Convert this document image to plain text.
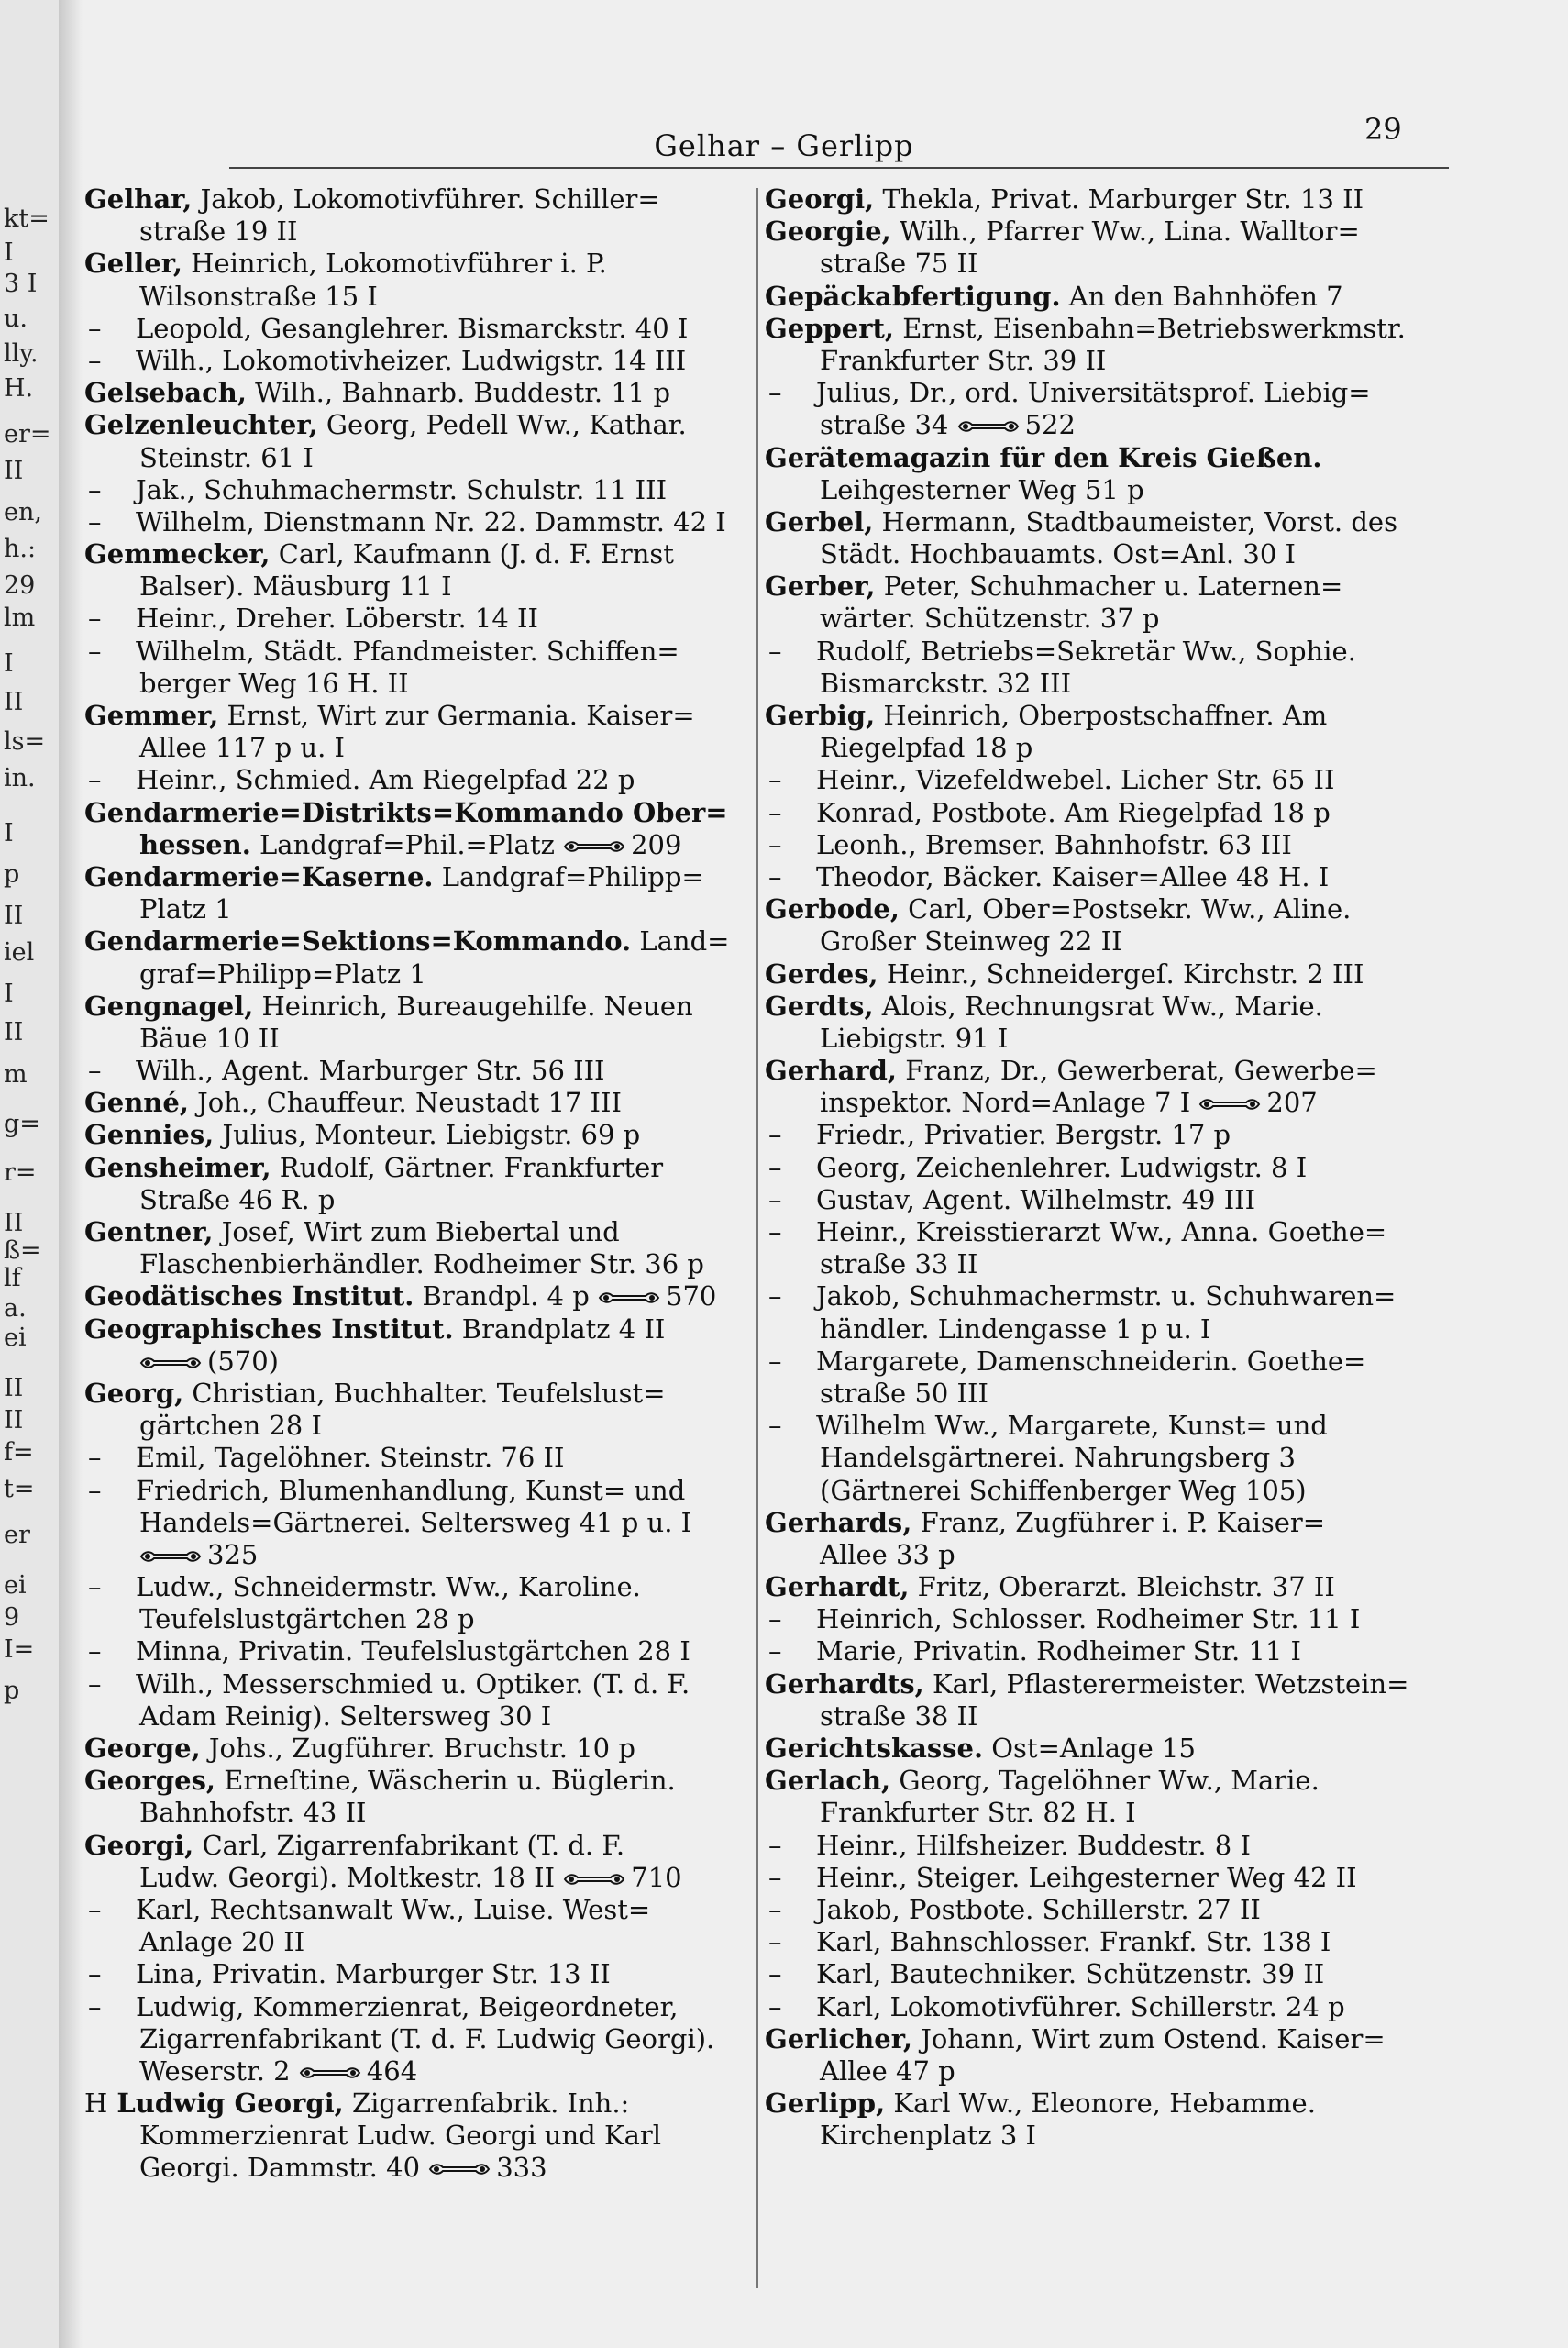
kt=
I
3 I
u.
lly.
H.
er=
II
en,
h.:
29
lm
I
II
ls=
in.
I
p
II
iel
I
II
m
g=
r=
II
ß=
lf
a.
ei
II
II
f=
t=
er
ei
9
I=
p
Gelhar – Gerlipp	29
Gelhar, Jakob, Lokomotivführer. Schiller=
straße 19 II
Geller, Heinrich, Lokomotivführer i. P.
Wilsonstraße 15 I
– Leopold, Gesanglehrer. Bismarckstr. 40 I
– Wilh., Lokomotivheizer. Ludwigstr. 14 III
Gelsebach, Wilh., Bahnarb. Buddestr. 11 p
Gelzenleuchter, Georg, Pedell Ww., Kathar.
Steinstr. 61 I
– Jak., Schuhmachermstr. Schulstr. 11 III
– Wilhelm, Dienstmann Nr. 22. Dammstr. 42 I
Gemmecker, Carl, Kaufmann (J. d. F. Ernst
Balser). Mäusburg 11 I
– Heinr., Dreher. Löberstr. 14 II
– Wilhelm, Städt. Pfandmeister. Schiffen=
berger Weg 16 H. II
Gemmer, Ernst, Wirt zur Germania. Kaiser=
Allee 117 p u. I
– Heinr., Schmied. Am Riegelpfad 22 p
Gendarmerie=Distrikts=Kommando Ober=
hessen. Landgraf=Phil.=Platz	209
Gendarmerie=Kaserne. Landgraf=Philipp=
Platz 1
Gendarmerie=Sektions=Kommando. Land=
graf=Philipp=Platz 1
Gengnagel, Heinrich, Bureaugehilfe. Neuen
Bäue 10 II
– Wilh., Agent. Marburger Str. 56 III
Genné, Joh., Chauffeur. Neustadt 17 III
Gennies, Julius, Monteur. Liebigstr. 69 p
Gensheimer, Rudolf, Gärtner. Frankfurter
Straße 46 R. p
Gentner, Josef, Wirt zum Biebertal und
Flaschenbierhändler. Rodheimer Str. 36 p
Geodätisches Institut. Brandpl. 4 p	570
Geographisches Institut. Brandplatz 4 II
(570)
Georg, Christian, Buchhalter. Teufelslust=
gärtchen 28 I
– Emil, Tagelöhner. Steinstr. 76 II
– Friedrich, Blumenhandlung, Kunst= und
Handels=Gärtnerei. Seltersweg 41 p u. I
325
– Ludw., Schneidermstr. Ww., Karoline.
Teufelslustgärtchen 28 p
– Minna, Privatin. Teufelslustgärtchen 28 I
– Wilh., Messerschmied u. Optiker. (T. d. F.
Adam Reinig). Seltersweg 30 I
George, Johs., Zugführer. Bruchstr. 10 p
Georges, Erneſtine, Wäscherin u. Büglerin.
Bahnhofstr. 43 II
Georgi, Carl, Zigarrenfabrikant (T. d. F.
Ludw. Georgi). Moltkestr. 18 II	710
– Karl, Rechtsanwalt Ww., Luise. West=
Anlage 20 II
– Lina, Privatin. Marburger Str. 13 II
– Ludwig, Kommerzienrat, Beigeordneter,
Zigarrenfabrikant (T. d. F. Ludwig Georgi).
Weserstr. 2	464
H Ludwig Georgi, Zigarrenfabrik. Inh.:
Kommerzienrat Ludw. Georgi und Karl
Georgi. Dammstr. 40	333
Georgi, Thekla, Privat. Marburger Str. 13 II
Georgie, Wilh., Pfarrer Ww., Lina. Walltor=
straße 75 II
Gepäckabfertigung. An den Bahnhöfen 7
Geppert, Ernst, Eisenbahn=Betriebswerkmstr.
Frankfurter Str. 39 II
– Julius, Dr., ord. Universitätsprof. Liebig=
straße 34	522
Gerätemagazin für den Kreis Gießen.
Leihgesterner Weg 51 p
Gerbel, Hermann, Stadtbaumeister, Vorst. des
Städt. Hochbauamts. Ost=Anl. 30 I
Gerber, Peter, Schuhmacher u. Laternen=
wärter. Schützenstr. 37 p
– Rudolf, Betriebs=Sekretär Ww., Sophie.
Bismarckstr. 32 III
Gerbig, Heinrich, Oberpostschaffner. Am
Riegelpfad 18 p
– Heinr., Vizefeldwebel. Licher Str. 65 II
– Konrad, Postbote. Am Riegelpfad 18 p
– Leonh., Bremser. Bahnhofstr. 63 III
– Theodor, Bäcker. Kaiser=Allee 48 H. I
Gerbode, Carl, Ober=Postsekr. Ww., Aline.
Großer Steinweg 22 II
Gerdes, Heinr., Schneidergeſ. Kirchstr. 2 III
Gerdts, Alois, Rechnungsrat Ww., Marie.
Liebigstr. 91 I
Gerhard, Franz, Dr., Gewerberat, Gewerbe=
inspektor. Nord=Anlage 7 I	207
– Friedr., Privatier. Bergstr. 17 p
– Georg, Zeichenlehrer. Ludwigstr. 8 I
– Gustav, Agent. Wilhelmstr. 49 III
– Heinr., Kreisstierarzt Ww., Anna. Goethe=
straße 33 II
– Jakob, Schuhmachermstr. u. Schuhwaren=
händler. Lindengasse 1 p u. I
– Margarete, Damenschneiderin. Goethe=
straße 50 III
– Wilhelm Ww., Margarete, Kunst= und
Handelsgärtnerei. Nahrungsberg 3
(Gärtnerei Schiffenberger Weg 105)
Gerhards, Franz, Zugführer i. P. Kaiser=
Allee 33 p
Gerhardt, Fritz, Oberarzt. Bleichstr. 37 II
– Heinrich, Schlosser. Rodheimer Str. 11 I
– Marie, Privatin. Rodheimer Str. 11 I
Gerhardts, Karl, Pflasterermeister. Wetzstein=
straße 38 II
Gerichtskasse. Ost=Anlage 15
Gerlach, Georg, Tagelöhner Ww., Marie.
Frankfurter Str. 82 H. I
– Heinr., Hilfsheizer. Buddestr. 8 I
– Heinr., Steiger. Leihgesterner Weg 42 II
– Jakob, Postbote. Schillerstr. 27 II
– Karl, Bahnschlosser. Frankf. Str. 138 I
– Karl, Bautechniker. Schützenstr. 39 II
– Karl, Lokomotivführer. Schillerstr. 24 p
Gerlicher, Johann, Wirt zum Ostend. Kaiser=
Allee 47 p
Gerlipp, Karl Ww., Eleonore, Hebamme.
Kirchenplatz 3 I
